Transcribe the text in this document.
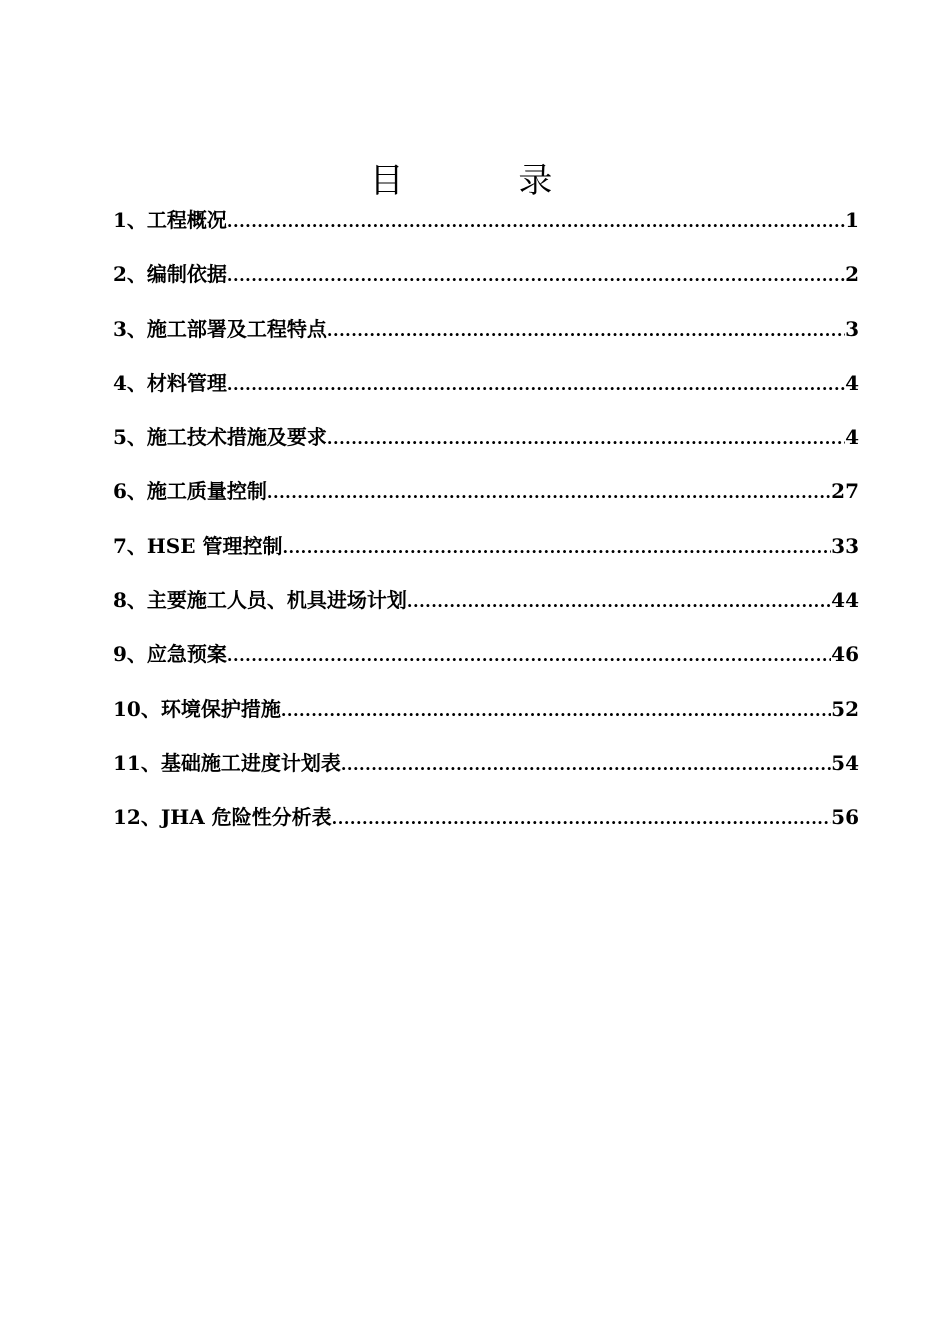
目 录
1、工程概况 .....	1
2、编制依据 .....	2
3、施工部署及工程特点 .....	3
4、材料管理 .....	4
5、施工技术措施及要求 .....	4
6、施工质量控制 .....	27
7、HSE 管理控制 .....	33
8、主要施工人员、机具进场计划 .....	44
9、应急预案 .....	46
10、环境保护措施 .....	52
11、基础施工进度计划表 .....	54
12、JHA 危险性分析表 .....	56
